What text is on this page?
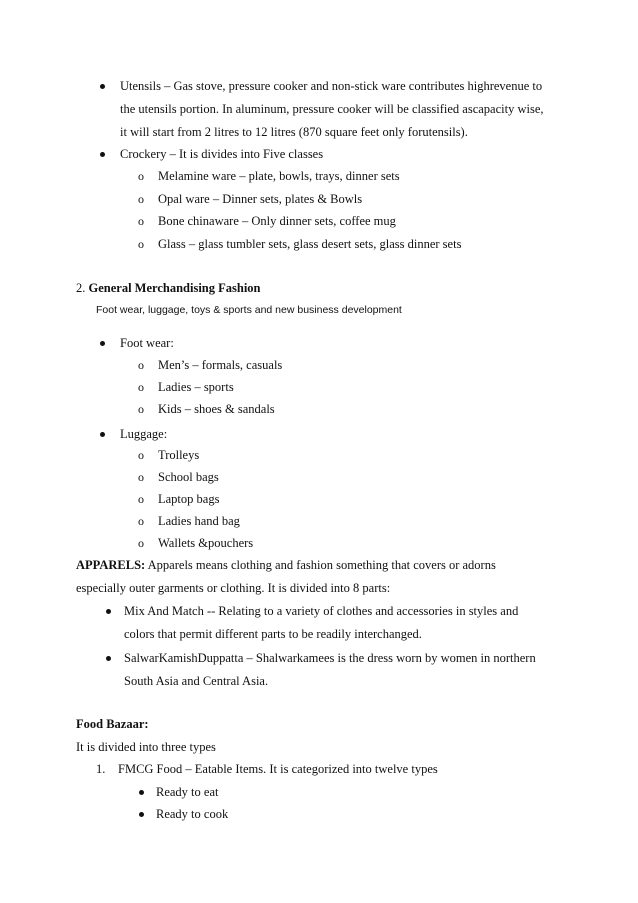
Utensils – Gas stove, pressure cooker and non-stick ware contributes highrevenue to
the utensils portion. In aluminum, pressure cooker will be classified ascapacity wise,
it will start from 2 litres to 12 litres (870 square feet only forutensils).
Crockery – It is divides into Five classes
o Melamine ware – plate, bowls, trays, dinner sets
o Opal ware – Dinner sets, plates & Bowls
o Bone chinaware – Only dinner sets, coffee mug
o Glass – glass tumbler sets, glass desert sets, glass dinner sets
2. General Merchandising Fashion
Foot wear, luggage, toys & sports and new business development
Foot wear:
o Men’s – formals, casuals
o Ladies – sports
o Kids – shoes & sandals
Luggage:
o Trolleys
o School bags
o Laptop bags
o Ladies hand bag
o Wallets &pouchers
APPARELS: Apparels means clothing and fashion something that covers or adorns
especially outer garments or clothing. It is divided into 8 parts:
Mix And Match -- Relating to a variety of clothes and accessories in styles and
colors that permit different parts to be readily interchanged.
SalwarKamishDuppatta – Shalwarkamees is the dress worn by women in northern
South Asia and Central Asia.
Food Bazaar:
It is divided into three types
1. FMCG Food – Eatable Items. It is categorized into twelve types
Ready to eat
Ready to cook
